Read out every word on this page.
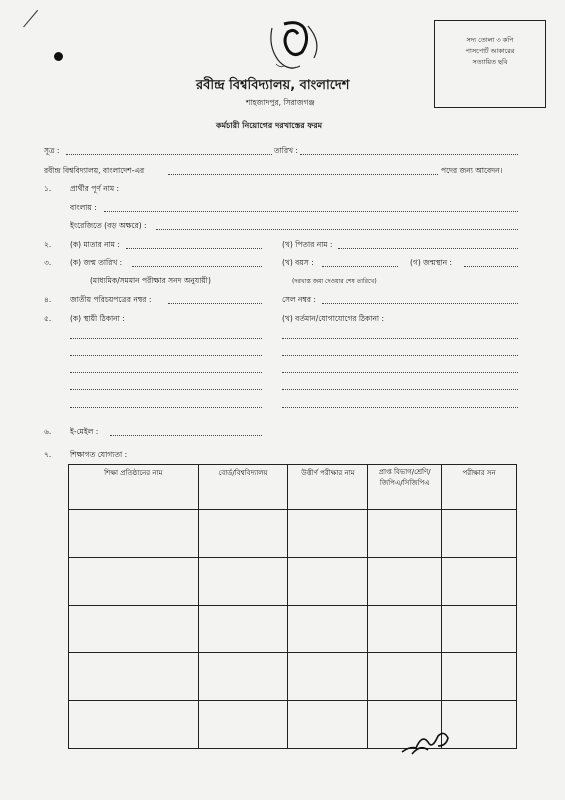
রবীন্দ্র বিশ্ববিদ্যালয়, বাংলাদেশ
শাহজাদপুর, সিরাজগঞ্জ
কর্মচারী নিয়োগের দরখাস্তের ফরম
সদ্য তোলা ৩ কপি
পাসপোর্ট আকারের
সত্যায়িত ছবি
সূত্র :	তারিখ :
রবীন্দ্র বিশ্ববিদ্যালয়, বাংলাদেশ-এর	পদের জন্য আবেদন।
১. প্রার্থীর পূর্ণ নাম :
বাংলায় :
ইংরেজিতে (বড় অক্ষরে) :
২. (ক) মাতার নাম :	(খ) পিতার নাম :
৩. (ক) জন্ম তারিখ :	(খ) বয়স :	(গ) জন্মস্থান :
(মাধ্যমিক/সমমান পরীক্ষার সনদ অনুযায়ী)	(দরখাস্ত জমা দেওয়ার শেষ তারিখে)
৪. জাতীয় পরিচয়পত্রের নম্বর :	সেল নম্বর :
৫. (ক) স্থায়ী ঠিকানা :	(খ) বর্তমান/যোগাযোগের ঠিকানা :
৬. ই-মেইল :
৭. শিক্ষাগত যোগ্যতা :
শিক্ষা প্রতিষ্ঠানের নাম	বোর্ড/বিশ্ববিদ্যালয়	উত্তীর্ণ পরীক্ষার নাম	প্রাপ্ত বিভাগ/শ্রেণি/ জিপিএ/সিজিপিএ	পরীক্ষার সন
